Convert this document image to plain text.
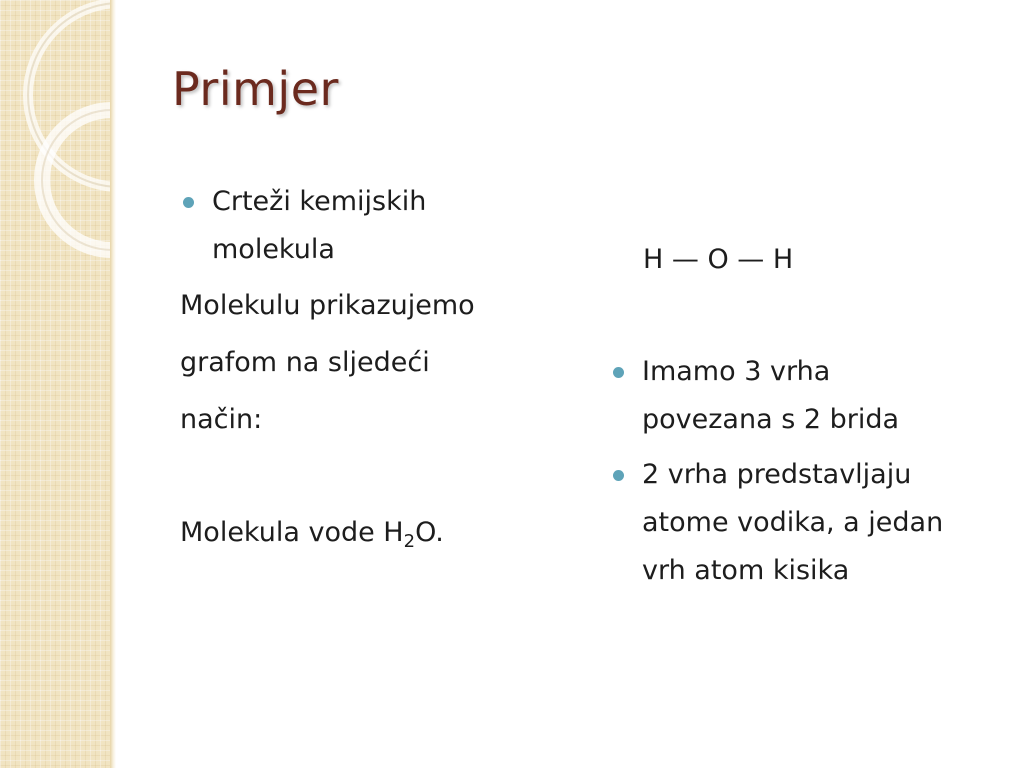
Primjer
Crteži kemijskih
molekula
Molekulu prikazujemo
grafom na sljedeći
način:
Molekula vode $H_2O$.
H — O — H
Imamo 3 vrha
povezana s 2 brida
2 vrha predstavljaju
atome vodika, a jedan
vrh atom kisika
